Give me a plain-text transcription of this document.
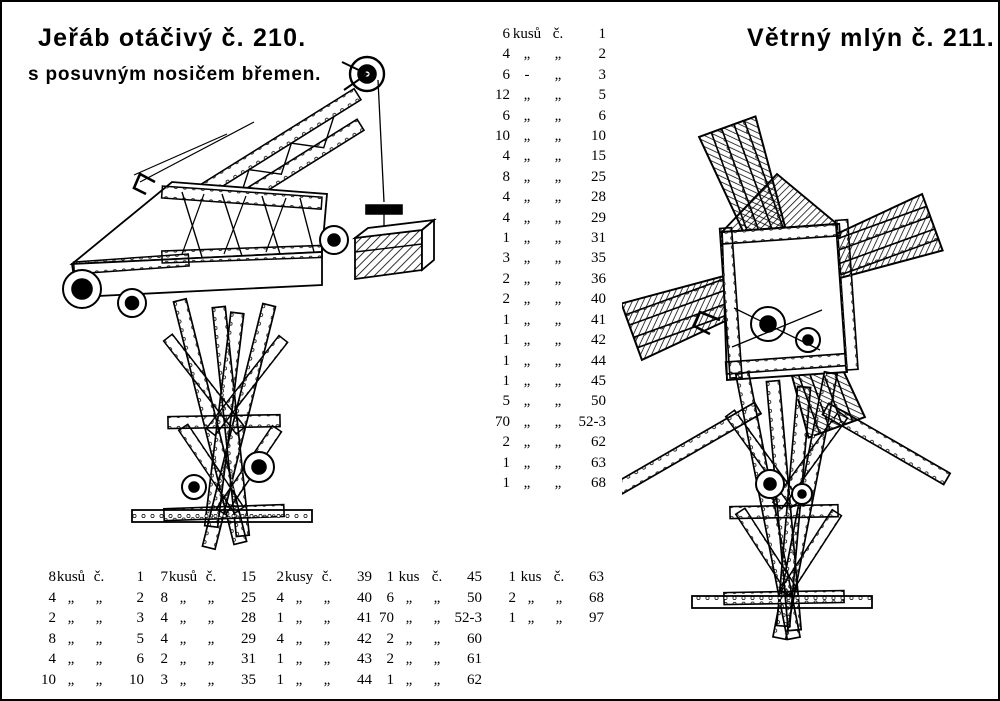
Jeřáb otáčivý č. 210.
s posuvným nosičem břemen.
Větrný mlýn č. 211.
6 kusů č.	1
4 „	„	2
6 -	„	3
12 „	„	5
6 „	„	6
10 „	„	10
4 „	„	15
8 „	„	25
4 „	„	28
4 „	„	29
1 „	„	31
3 „	„	35
2 „	„	36
2 „	„	40
1 „	„	41
1 „	„	42
1 „	„	44
1 „	„	45
5 „	„	50
70 „	„	52-3
2 „	„	62
1 „	„	63
1 „	„	68
8 kusů č.	1
4 „	„	2
2 „	„	3
8 „	„	5
4 „	„	6
10 „	„	10
7 kusů č.	15
8 „	„	25
4 „	„	28
4 „	„	29
2 „	„	31
3 „	„	35
2 kusy č.	39
4 „	„	40
1 „	„	41
4 „	„	42
1 „	„	43
1 „	„	44
1 kus č.	45
6 „	„	50
70 „	„ 52-3
2 „	„	60
2 „	„	61
1 „	„	62
1 kus č.	63
2 „	„	68
1 „	„	97
